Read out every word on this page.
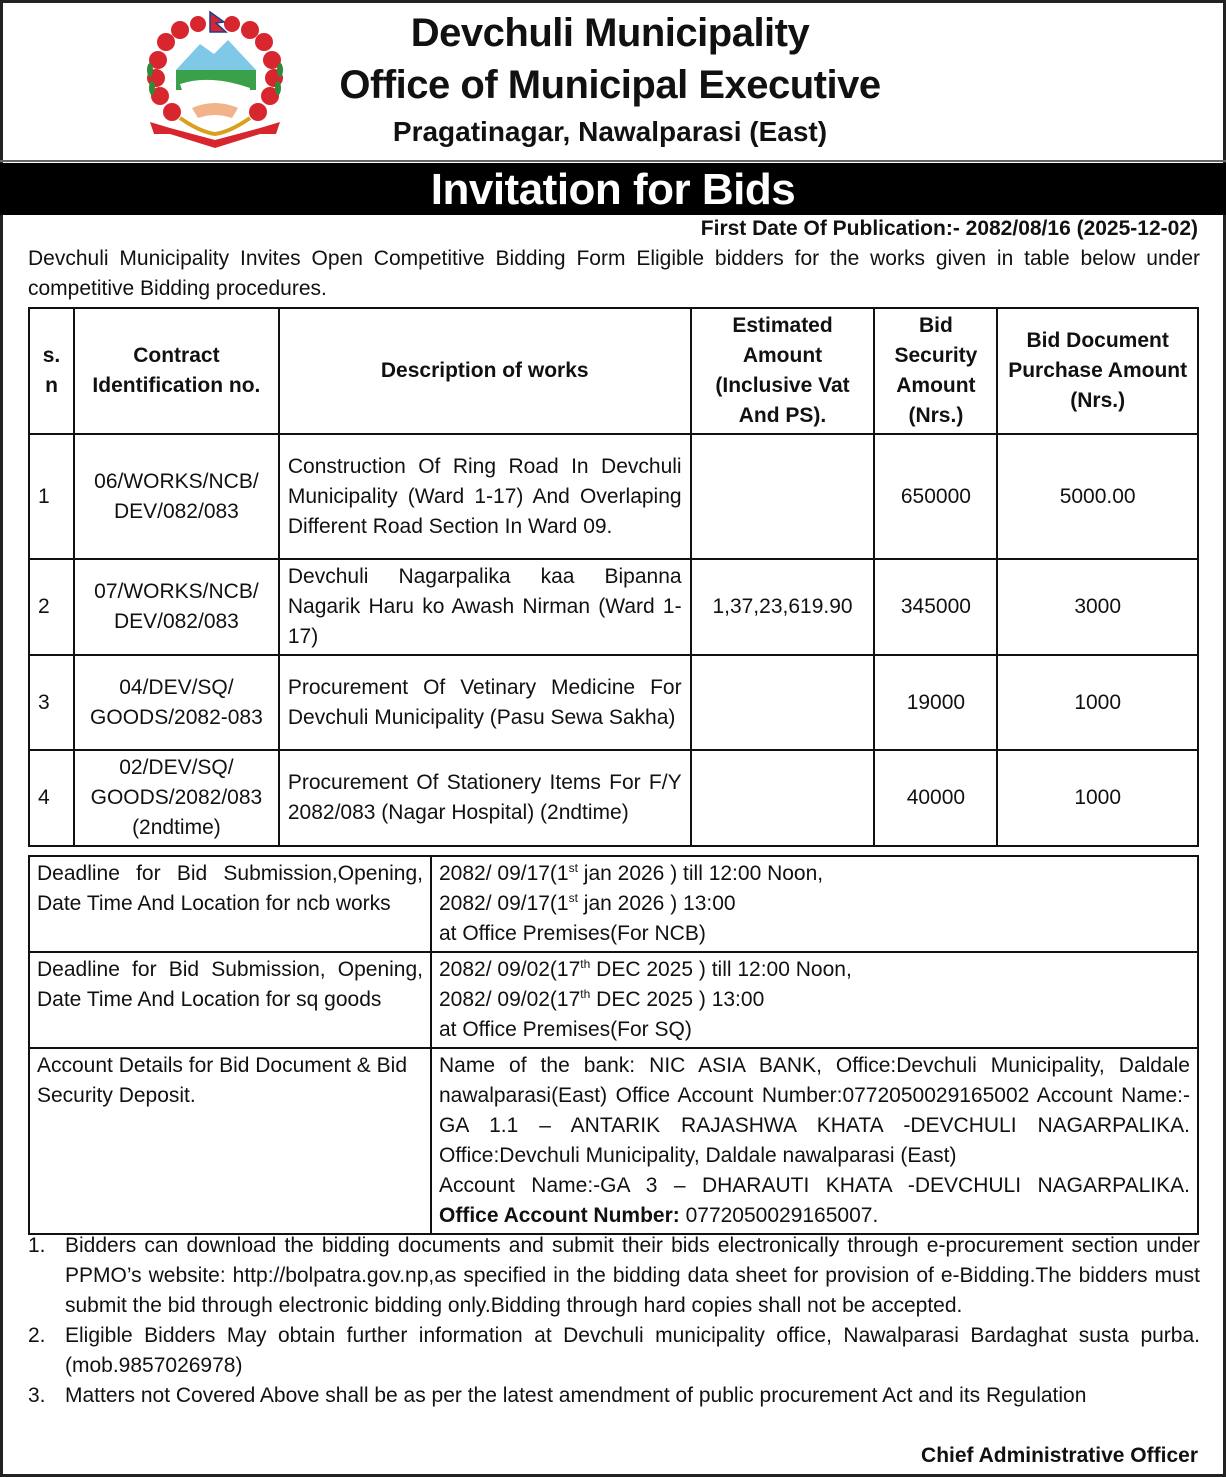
Devchuli Municipality
Office of Municipal Executive
Pragatinagar, Nawalparasi (East)
Invitation for Bids
First Date Of Publication:- 2082/08/16 (2025-12-02)
Devchuli Municipality Invites Open Competitive Bidding Form Eligible bidders for the works given in table below under competitive Bidding procedures.
s. n	Contract Identification no.	Description of works	Estimated Amount (Inclusive Vat And PS).	Bid Security Amount (Nrs.)	Bid Document Purchase Amount (Nrs.)
1	06/WORKS/NCB/ DEV/082/083	Construction Of Ring Road In Devchuli Municipality (Ward 1-17) And Overlaping Different Road Section In Ward 09.		650000	5000.00
2	07/WORKS/NCB/ DEV/082/083	Devchuli Nagarpalika kaa Bipanna Nagarik Haru ko Awash Nirman (Ward 1-17)	1,37,23,619.90	345000	3000
3	04/DEV/SQ/ GOODS/2082-083	Procurement Of Vetinary Medicine For Devchuli Municipality (Pasu Sewa Sakha)		19000	1000
4	02/DEV/SQ/ GOODS/2082/083 (2ndtime)	Procurement Of Stationery Items For F/Y 2082/083 (Nagar Hospital) (2ndtime)		40000	1000
Deadline for Bid Submission,Opening, Date Time And Location for ncb works	2082/ 09/17(1st jan 2026 ) till 12:00 Noon,
2082/ 09/17(1st jan 2026 ) 13:00
at Office Premises(For NCB)

Deadline for Bid Submission, Opening, Date Time And Location for sq goods	2082/ 09/02(17th DEC 2025 ) till 12:00 Noon,
2082/ 09/02(17th DEC 2025 ) 13:00
at Office Premises(For SQ)

Account Details for Bid Document & Bid Security Deposit.	Name of the bank: NIC ASIA BANK, Office:Devchuli Municipality, Daldale nawalparasi(East) Office Account Number:0772050029165002 Account Name:-GA 1.1 – ANTARIK RAJASHWA KHATA -DEVCHULI NAGARPALIKA.
Office:Devchuli Municipality, Daldale nawalparasi (East)
Account Name:-GA 3 – DHARAUTI KHATA -DEVCHULI NAGARPALIKA.
Office Account Number: 0772050029165007.
1. Bidders can download the bidding documents and submit their bids electronically through e-procurement section under PPMO’s website: http://bolpatra.gov.np,as specified in the bidding data sheet for provision of e-Bidding.The bidders must submit the bid through electronic bidding only.Bidding through hard copies shall not be accepted.
2. Eligible Bidders May obtain further information at Devchuli municipality office, Nawalparasi Bardaghat susta purba. (mob.9857026978)
3. Matters not Covered Above shall be as per the latest amendment of public procurement Act and its Regulation
Chief Administrative Officer
